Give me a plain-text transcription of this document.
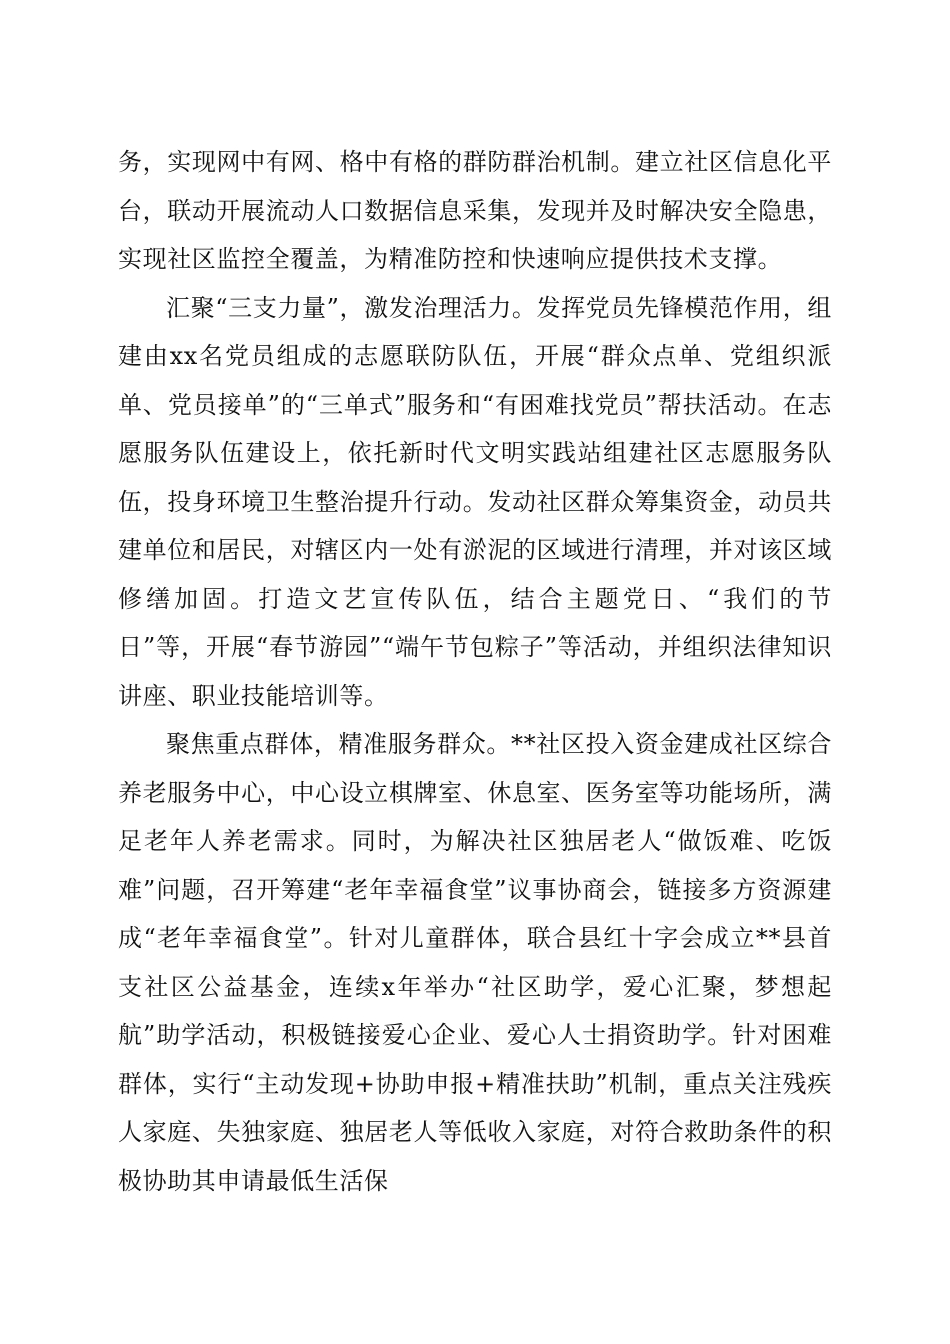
务，实现网中有网、格中有格的群防群治机制。建立社区信息化平台，联动开展流动人口数据信息采集，发现并及时解决安全隐患，实现社区监控全覆盖，为精准防控和快速响应提供技术支撑。

汇聚“三支力量”，激发治理活力。发挥党员先锋模范作用，组建由xx名党员组成的志愿联防队伍，开展“群众点单、党组织派单、党员接单”的“三单式”服务和“有困难找党员”帮扶活动。在志愿服务队伍建设上，依托新时代文明实践站组建社区志愿服务队伍，投身环境卫生整治提升行动。发动社区群众筹集资金，动员共建单位和居民，对辖区内一处有淤泥的区域进行清理，并对该区域修缮加固。打造文艺宣传队伍，结合主题党日、“我们的节日”等，开展“春节游园”“端午节包粽子”等活动，并组织法律知识讲座、职业技能培训等。

聚焦重点群体，精准服务群众。**社区投入资金建成社区综合养老服务中心，中心设立棋牌室、休息室、医务室等功能场所，满足老年人养老需求。同时，为解决社区独居老人“做饭难、吃饭难”问题，召开筹建“老年幸福食堂”议事协商会，链接多方资源建成“老年幸福食堂”。针对儿童群体，联合县红十字会成立**县首支社区公益基金，连续x年举办“社区助学，爱心汇聚，梦想起航”助学活动，积极链接爱心企业、爱心人士捐资助学。针对困难群体，实行“主动发现+协助申报+精准扶助”机制，重点关注残疾人家庭、失独家庭、独居老人等低收入家庭，对符合救助条件的积极协助其申请最低生活保
